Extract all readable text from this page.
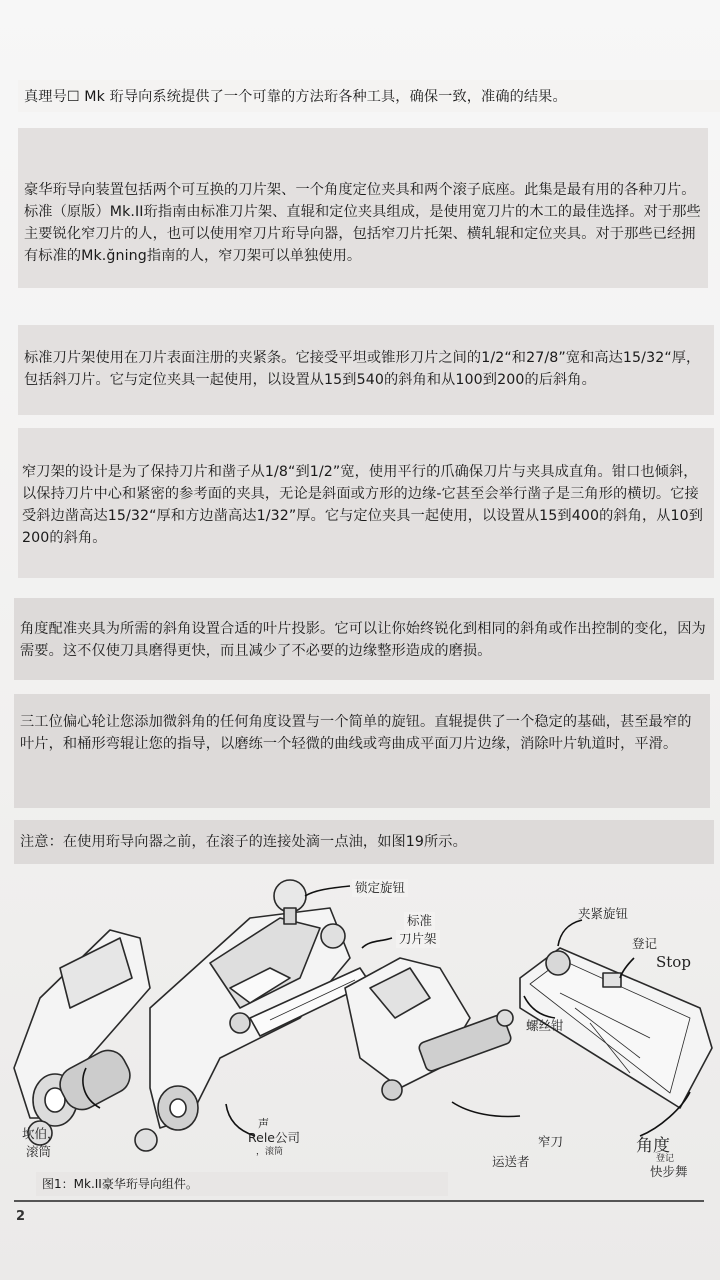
真理号☐ Mk 珩导向系统提供了一个可靠的方法珩各种工具，确保一致，准确的结果。
豪华珩导向装置包括两个可互换的刀片架、一个角度定位夹具和两个滚子底座。此集是最有用的各种刀片。标准（原版）Mk.II珩指南由标准刀片架、直辊和定位夹具组成，是使用宽刀片的木工的最佳选择。对于那些主要锐化窄刀片的人，也可以使用窄刀片珩导向器，包括窄刀片托架、横轧辊和定位夹具。对于那些已经拥有标准的Mk.ğning指南的人，窄刀架可以单独使用。
标准刀片架使用在刀片表面注册的夹紧条。它接受平坦或锥形刀片之间的1/2“和27/8”宽和高达15/32“厚，包括斜刀片。它与定位夹具一起使用，以设置从15到540的斜角和从100到200的后斜角。
窄刀架的设计是为了保持刀片和凿子从1/8“到1/2”宽，使用平行的爪确保刀片与夹具成直角。钳口也倾斜，以保持刀片中心和紧密的参考面的夹具，无论是斜面或方形的边缘-它甚至会举行凿子是三角形的横切。它接受斜边凿高达15/32“厚和方边凿高达1/32”厚。它与定位夹具一起使用，以设置从15到400的斜角，从10到200的斜角。
角度配准夹具为所需的斜角设置合适的叶片投影。它可以让你始终锐化到相同的斜角或作出控制的变化，因为需要。这不仅使刀具磨得更快，而且减少了不必要的边缘整形造成的磨损。
三工位偏心轮让您添加微斜角的任何角度设置与一个简单的旋钮。直辊提供了一个稳定的基础，甚至最窄的叶片，和桶形弯辊让您的指导，以磨练一个轻微的曲线或弯曲成平面刀片边缘，消除叶片轨道时，平滑。
注意：在使用珩导向器之前，在滚子的连接处滴一点油，如图19所示。
锁定旋钮
标准
刀片架
夹紧旋钮
登记
Stop
螺丝钳
坎伯，
滚筒
声
Rele公司
，滚筒
窄刀
运送者
角度
登记
快步舞
图1：Mk.II豪华珩导向组件。
2
